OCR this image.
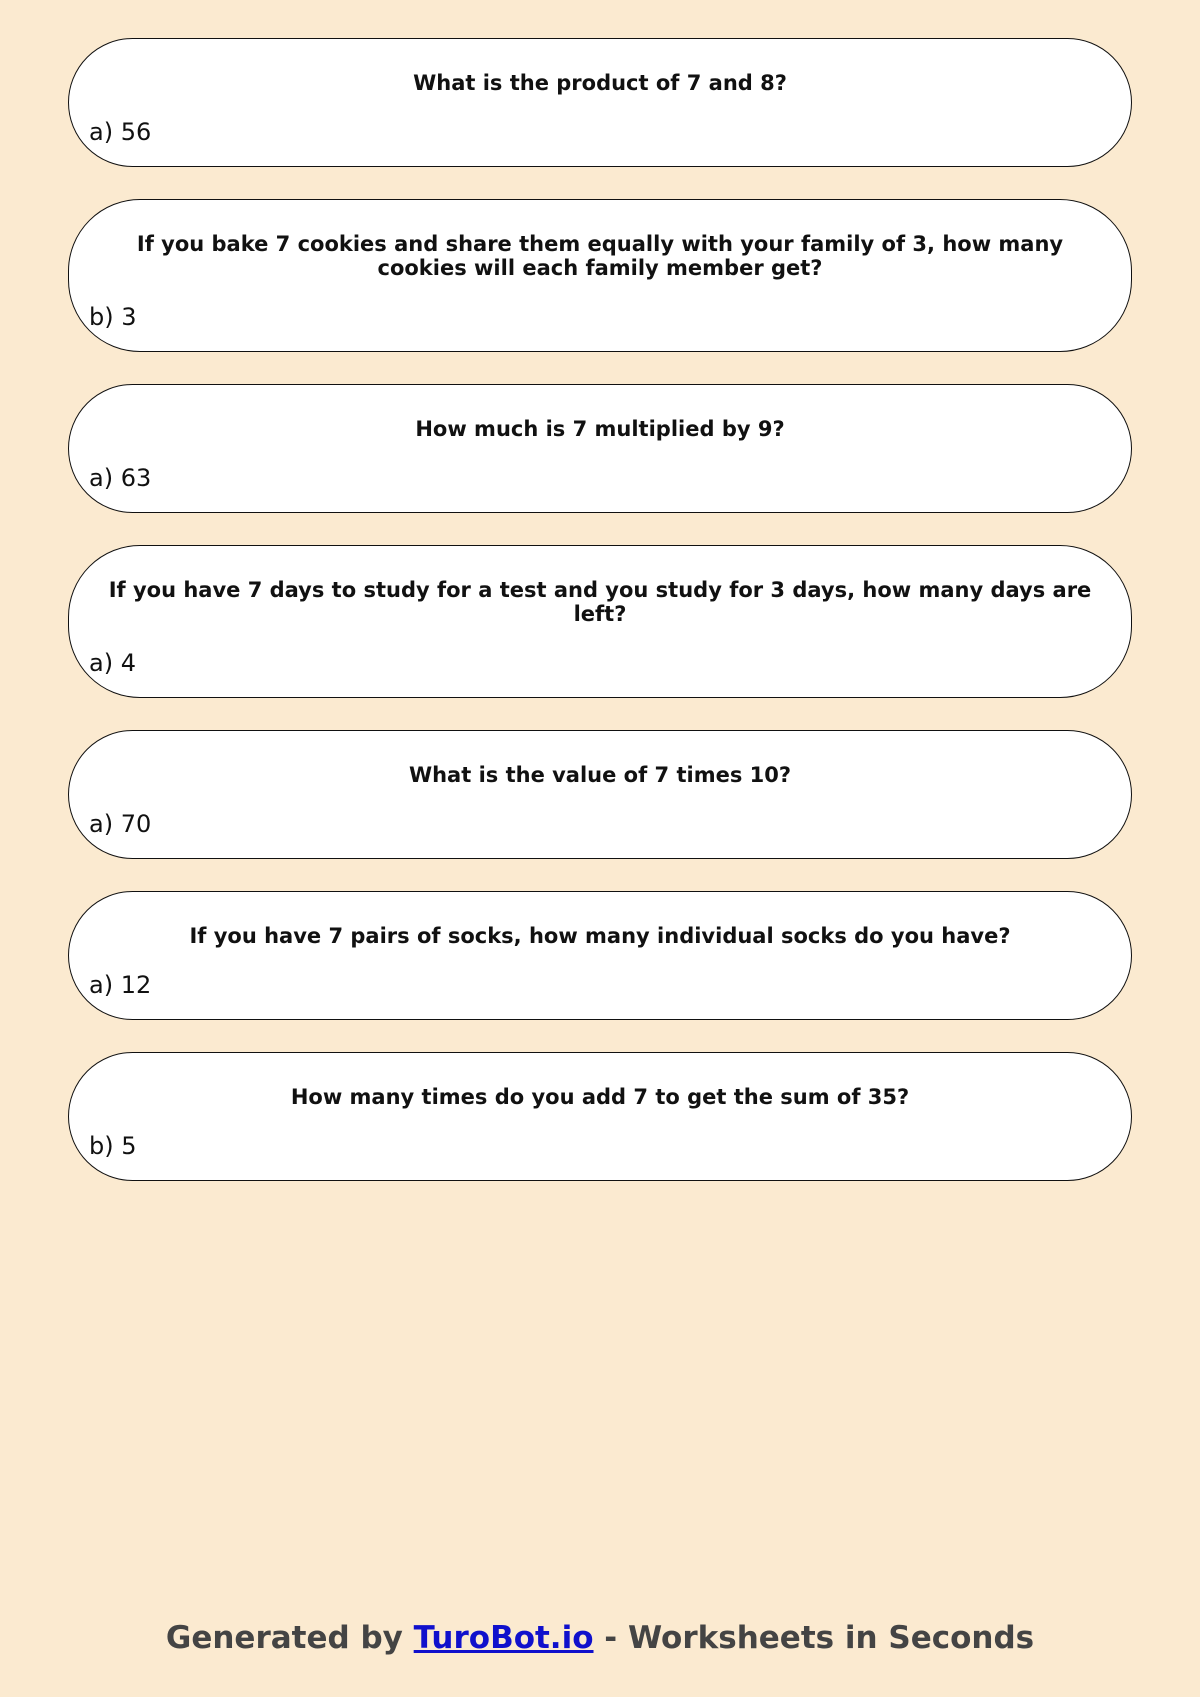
What is the product of 7 and 8?
a) 56
If you bake 7 cookies and share them equally with your family of 3, how many cookies will each family member get?
b) 3
How much is 7 multiplied by 9?
a) 63
If you have 7 days to study for a test and you study for 3 days, how many days are left?
a) 4
What is the value of 7 times 10?
a) 70
If you have 7 pairs of socks, how many individual socks do you have?
a) 12
How many times do you add 7 to get the sum of 35?
b) 5
Generated by TuroBot.io - Worksheets in Seconds
